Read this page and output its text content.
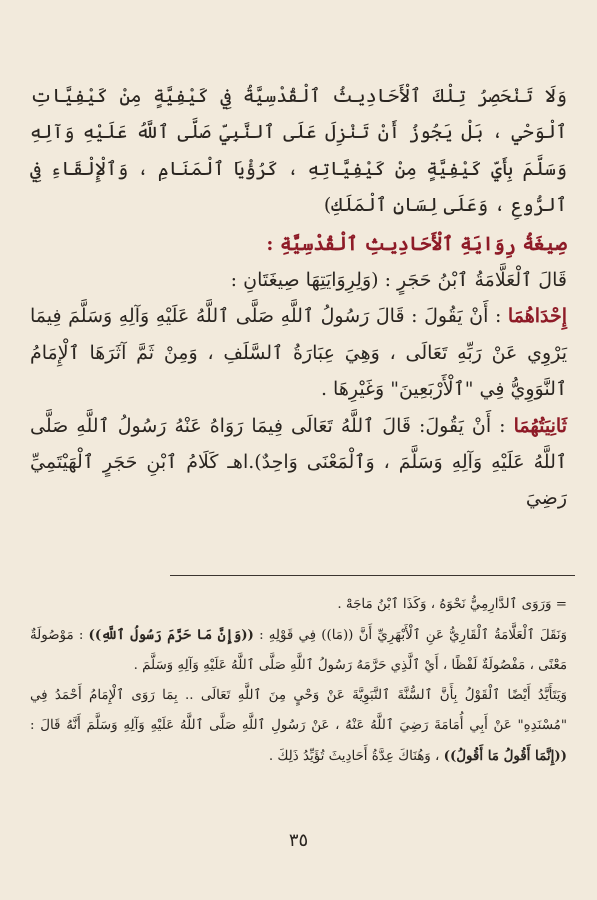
وَلَا تَنْحَصِرُ تِلْكَ ٱلْأَحَادِيثُ ٱلْقُدْسِيَّةُ فِي كَيْفِيَّةٍ مِنْ كَيْفِيَّاتِ ٱلْوَحْيِ ، بَلْ يَجُوزُ أَنْ تَنْزِلَ عَلَى ٱلنَّبِيِّ صَلَّى ٱللَّهُ عَلَيْهِ وَآلِهِ وَسَلَّمَ بِأَيِّ كَيْفِيَّةٍ مِنْ كَيْفِيَّاتِهِ ، كَرُؤْيَا ٱلْمَنَامِ ، وَٱلْإِلْقَاءِ فِي ٱلرُّوعِ ، وَعَلَى لِسَانِ ٱلْمَلَكِ)

صِيغَةُ رِوَايَةِ ٱلْأَحَادِيثِ ٱلْقُدْسِيَّةِ :

قَالَ ٱلْعَلَّامَةُ ٱبْنُ حَجَرٍ : (وَلِرِوَايَتِهَا صِيغَتَانِ :

إِحْدَاهُمَا : أَنْ يَقُولَ : قَالَ رَسُولُ ٱللَّهِ صَلَّى ٱللَّهُ عَلَيْهِ وَآلِهِ وَسَلَّمَ فِيمَا يَرْوِي عَنْ رَبِّهِ تَعَالَى ، وَهِيَ عِبَارَةُ ٱلسَّلَفِ ، وَمِنْ ثَمَّ آثَرَهَا ٱلْإِمَامُ ٱلنَّوَوِيُّ فِي "ٱلْأَرْبَعِينَ" وَغَيْرِهَا .

ثَانِيَتُهُمَا : أَنْ يَقُولَ: قَالَ ٱللَّهُ تَعَالَى فِيمَا رَوَاهُ عَنْهُ رَسُولُ ٱللَّهِ صَلَّى ٱللَّهُ عَلَيْهِ وَآلِهِ وَسَلَّمَ ، وَٱلْمَعْنَى وَاحِدٌ).اهـ كَلَامُ ٱبْنِ حَجَرٍ ٱلْهَيْتَمِيِّ رَضِيَ

= وَرَوَى ٱلدَّارِمِيُّ نَحْوَهُ ، وَكَذَا ٱبْنُ مَاجَهْ .

وَنَقَلَ ٱلْعَلَّامَةُ ٱلْقَارِيُّ عَنِ ٱلْأَبْهَرِيِّ أَنَّ ((مَا)) فِي قَوْلِهِ : ((وَإِنَّ مَا حَرَّمَ رَسُولُ ٱللَّهِ)) : مَوْصُولَةٌ مَعْنًى ، مَفْصُولَةٌ لَفْظًا ، أَيْ ٱلَّذِي حَرَّمَهُ رَسُولُ ٱللَّهِ صَلَّى ٱللَّهُ عَلَيْهِ وَآلِهِ وَسَلَّمَ .

وَيَتَأَيَّدُ أَيْضًا ٱلْقَوْلُ بِأَنَّ ٱلسُّنَّةَ ٱلنَّبَوِيَّةَ عَنْ وَحْيٍ مِنَ ٱللَّهِ تَعَالَى .. بِمَا رَوَى ٱلْإِمَامُ أَحْمَدُ فِي "مُسْنَدِهِ" عَنْ أَبِي أُمَامَةَ رَضِيَ ٱللَّهُ عَنْهُ ، عَنْ رَسُولِ ٱللَّهِ صَلَّى ٱللَّهُ عَلَيْهِ وَآلِهِ وَسَلَّمَ أَنَّهُ قَالَ : ((إِنَّمَا أَقُولُ مَا أَقُولُ)) ، وَهُنَاكَ عِدَّةُ أَحَادِيثَ تُؤَيِّدُ ذَلِكَ .

٣٥
